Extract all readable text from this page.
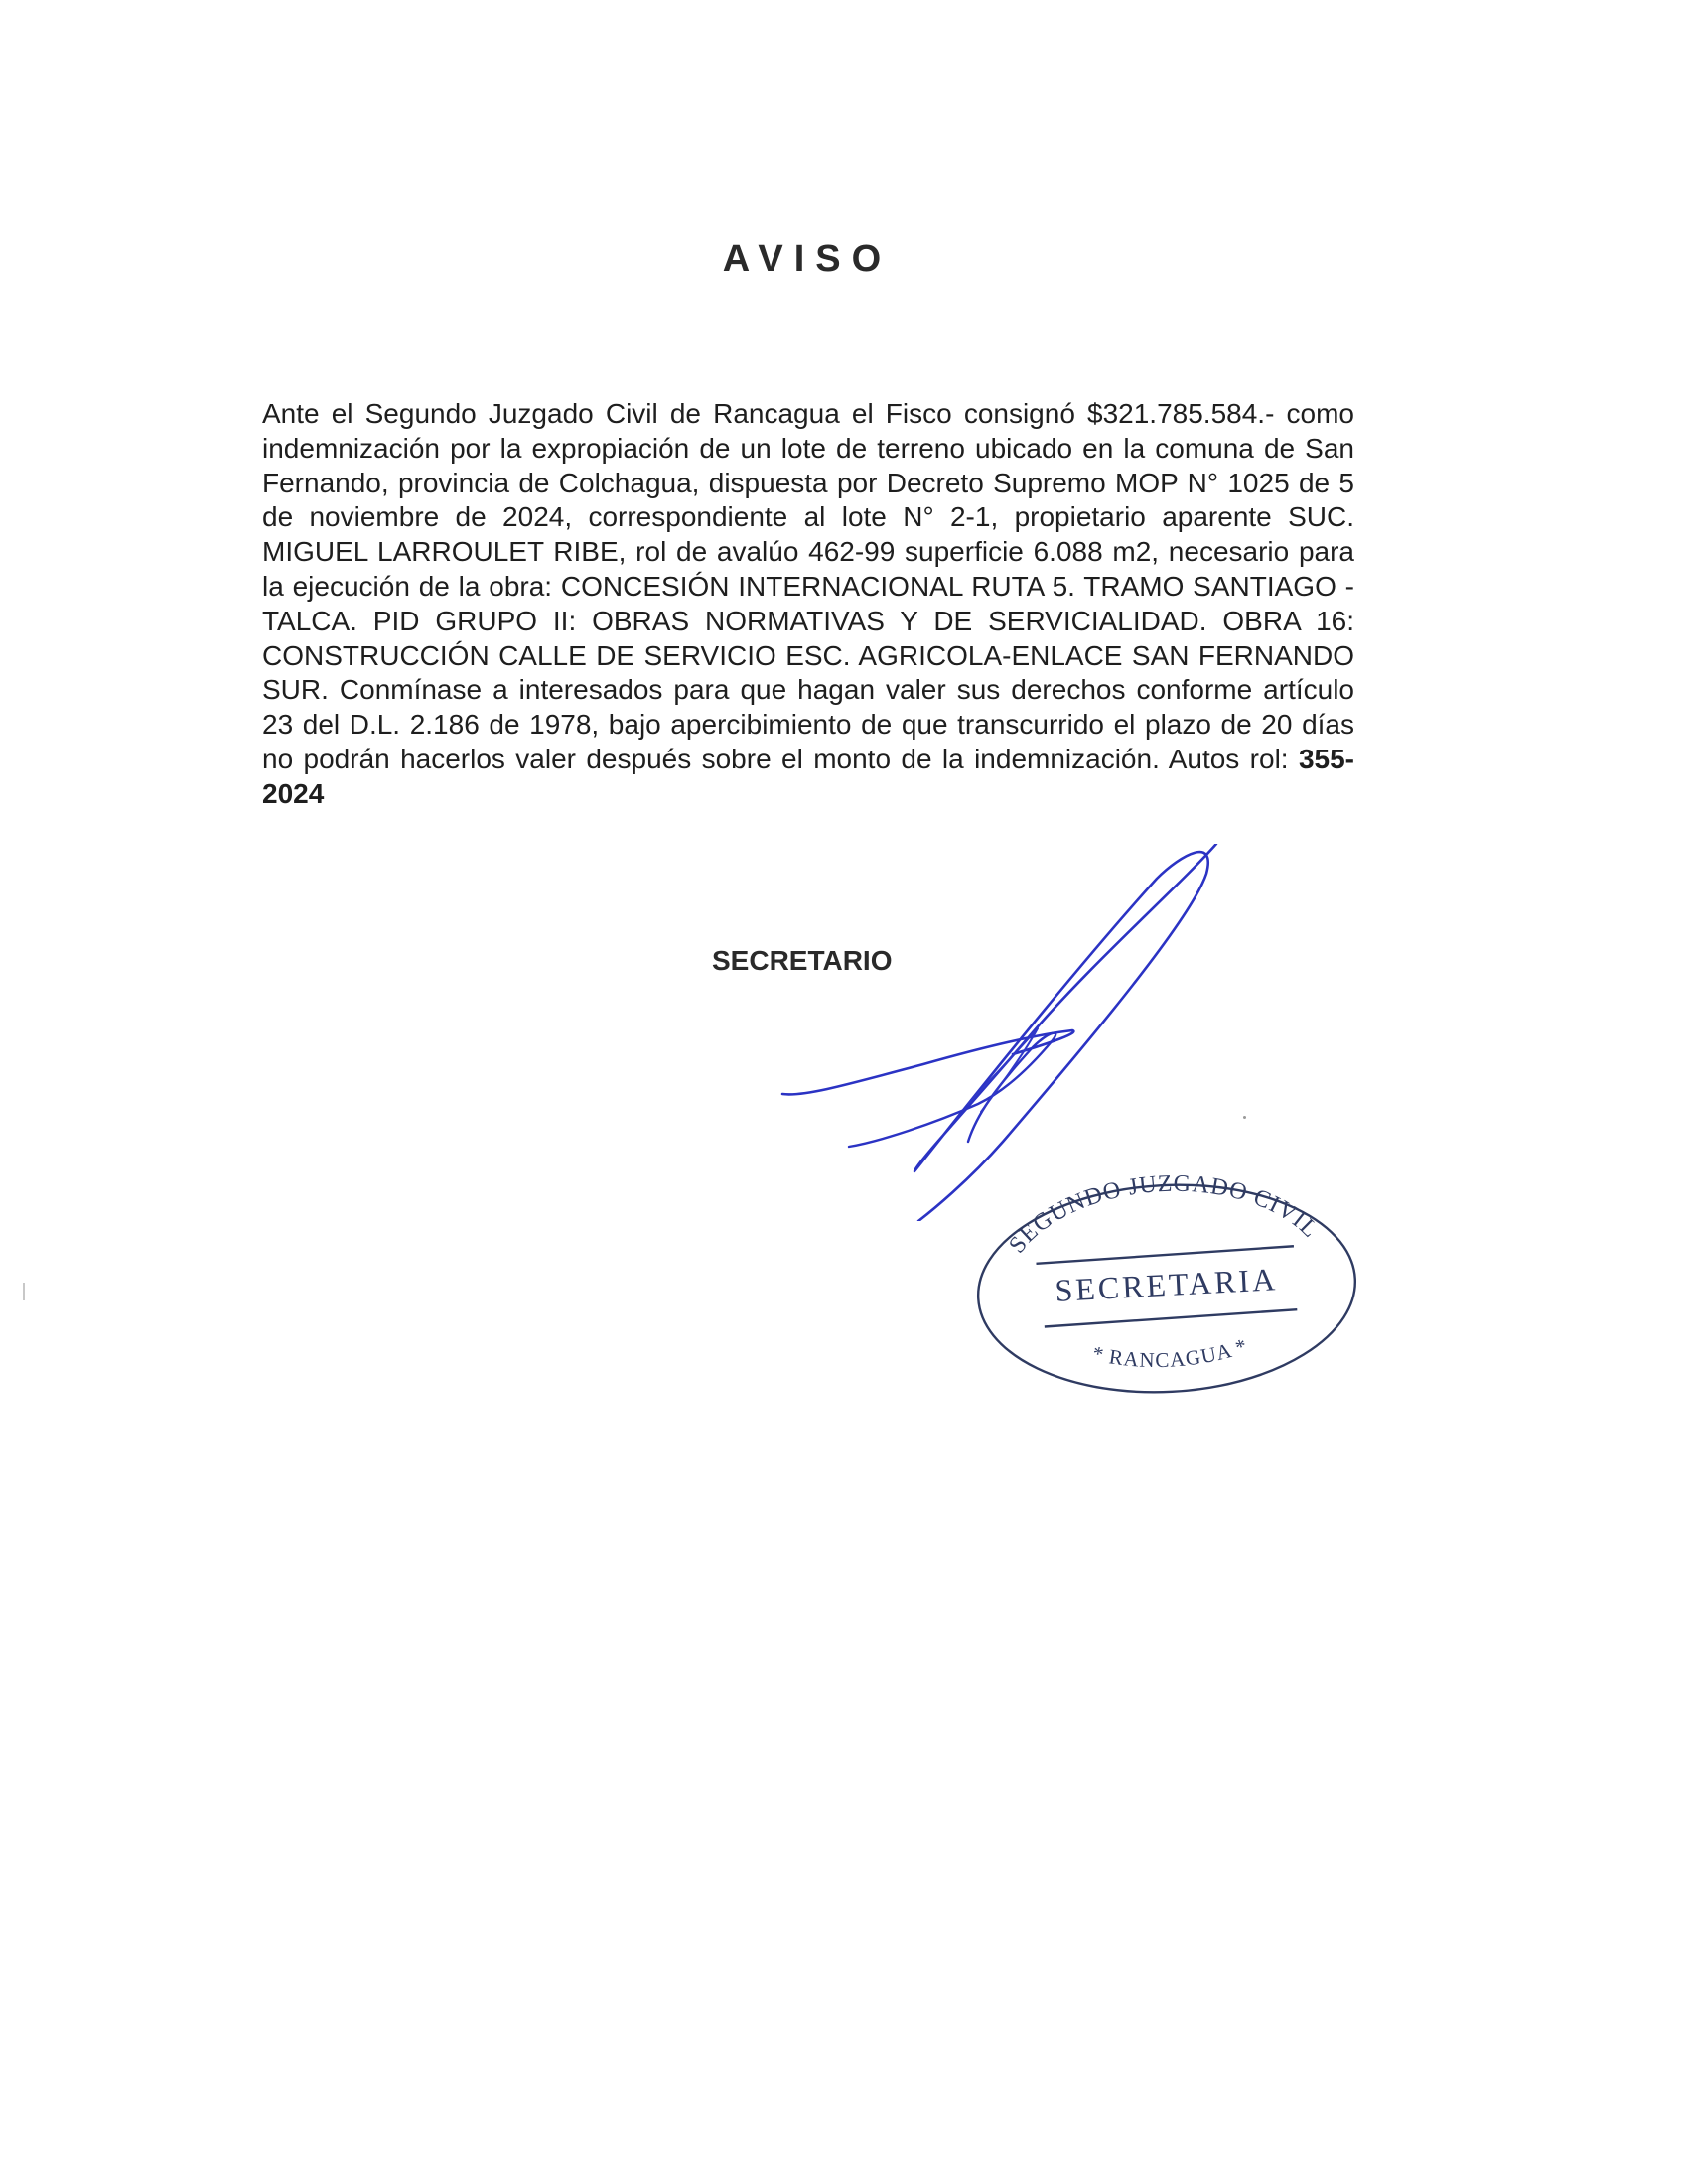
AVISO

Ante el Segundo Juzgado Civil de Rancagua el Fisco consignó $321.785.584.- como indemnización por la expropiación de un lote de terreno ubicado en la comuna de San Fernando, provincia de Colchagua, dispuesta por Decreto Supremo MOP N° 1025 de 5 de noviembre de 2024, correspondiente al lote N° 2-1, propietario aparente SUC. MIGUEL LARROULET RIBE, rol de avalúo 462-99 superficie 6.088 m2, necesario para la ejecución de la obra: CONCESIÓN INTERNACIONAL RUTA 5. TRAMO SANTIAGO - TALCA. PID GRUPO II: OBRAS NORMATIVAS Y DE SERVICIALIDAD. OBRA 16: CONSTRUCCIÓN CALLE DE SERVICIO ESC. AGRICOLA-ENLACE SAN FERNANDO SUR. Conmínase a interesados para que hagan valer sus derechos conforme artículo 23 del D.L. 2.186 de 1978, bajo apercibimiento de que transcurrido el plazo de 20 días no podrán hacerlos valer después sobre el monto de la indemnización. Autos rol: 355-2024

SECRETARIO
SEGUNDO JUZGADO CIVIL
SECRETARIA
* RANCAGUA *
